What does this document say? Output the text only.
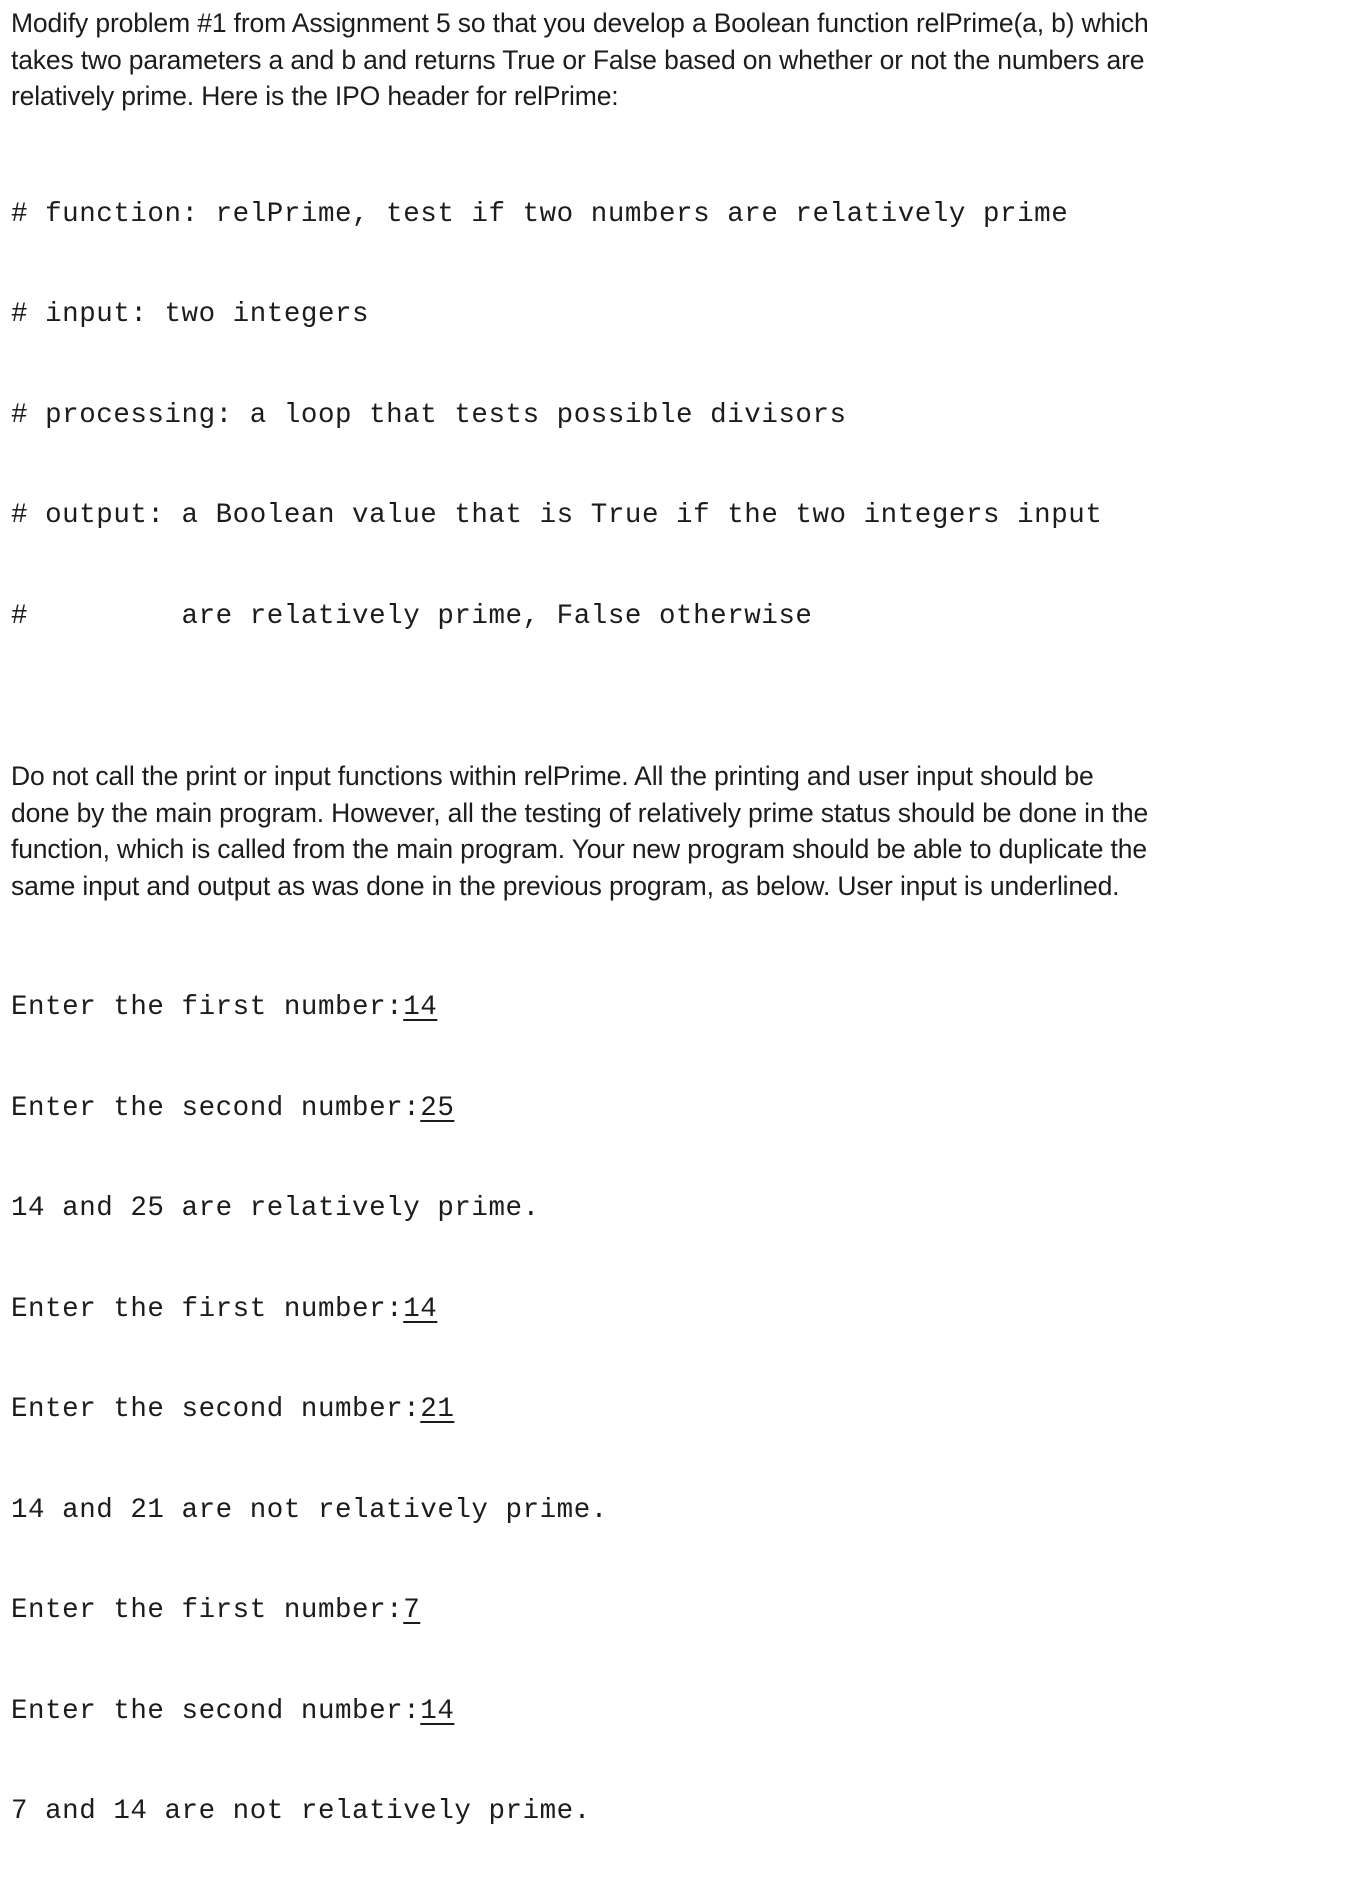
Modify problem #1 from Assignment 5 so that you develop a Boolean function relPrime(a, b) which
takes two parameters a and b and returns True or False based on whether or not the numbers are
relatively prime. Here is the IPO header for relPrime:

# function: relPrime, test if two numbers are relatively prime

# input: two integers

# processing: a loop that tests possible divisors

# output: a Boolean value that is True if the two integers input

#         are relatively prime, False otherwise

Do not call the print or input functions within relPrime. All the printing and user input should be
done by the main program. However, all the testing of relatively prime status should be done in the
function, which is called from the main program. Your new program should be able to duplicate the
same input and output as was done in the previous program, as below. User input is underlined.

Enter the first number:14

Enter the second number:25

14 and 25 are relatively prime.

Enter the first number:14

Enter the second number:21

14 and 21 are not relatively prime.

Enter the first number:7

Enter the second number:14

7 and 14 are not relatively prime.
